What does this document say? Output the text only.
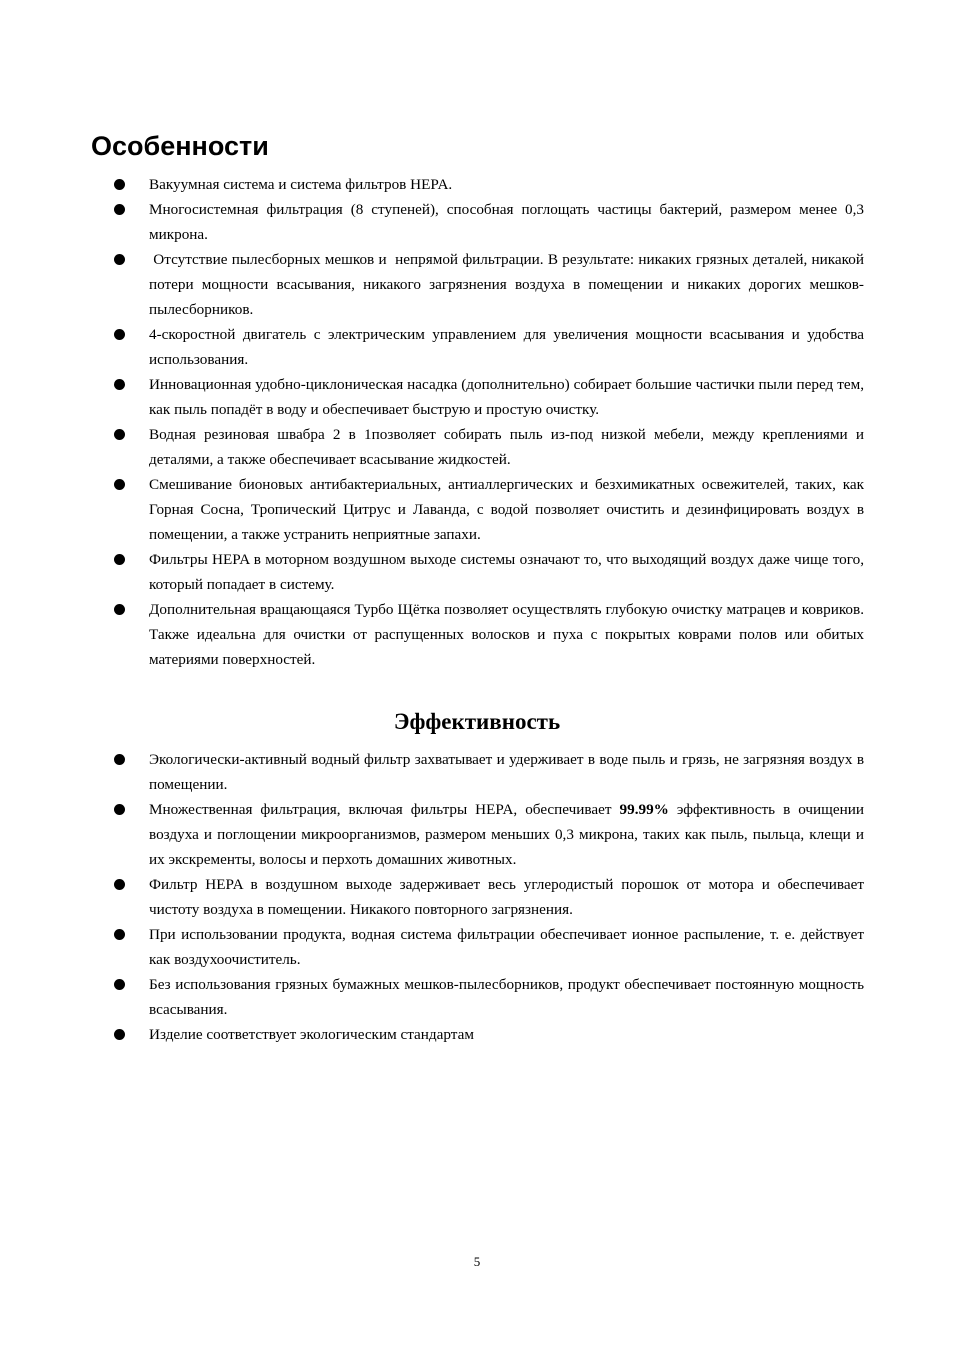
Особенности
Вакуумная система и система фильтров HEPA.
Многосистемная фильтрация (8 ступеней), способная поглощать частицы бактерий, размером менее 0,3 микрона.
Отсутствие пылесборных мешков и  непрямой фильтрации. В результате: никаких грязных деталей, никакой потери мощности всасывания, никакого загрязнения воздуха в помещении и никаких дорогих мешков-пылесборников.
4-скоростной двигатель с электрическим управлением для увеличения мощности всасывания и удобства использования.
Инновационная удобно-циклоническая насадка (дополнительно) собирает большие частички пыли перед тем, как пыль попадёт в воду и обеспечивает быструю и простую очистку.
Водная резиновая швабра 2 в 1позволяет собирать пыль из-под низкой мебели, между креплениями и деталями, а также обеспечивает всасывание жидкостей.
Смешивание бионовых антибактериальных, антиаллергических и безхимикатных освежителей, таких, как Горная Сосна, Тропический Цитрус и Лаванда, с водой позволяет очистить и дезинфицировать воздух в помещении, а также устранить неприятные запахи.
Фильтры HEPA в моторном воздушном выходе системы означают то, что выходящий воздух даже чище того, который попадает в систему.
Дополнительная вращающаяся Турбо Щётка позволяет осуществлять глубокую очистку матрацев и ковриков. Также идеальна для очистки от распущенных волосков и пуха с покрытых коврами полов или обитых материями поверхностей.
Эффективность
Экологически-активный водный фильтр захватывает и удерживает в воде пыль и грязь, не загрязняя воздух в помещении.
Множественная фильтрация, включая фильтры HEPA, обеспечивает 99.99% эффективность в очищении воздуха и поглощении микроорганизмов, размером меньших 0,3 микрона, таких как пыль, пыльца, клещи и их экскременты, волосы и перхоть домашних животных.
Фильтр HEPA в воздушном выходе задерживает весь углеродистый порошок от мотора и обеспечивает чистоту воздуха в помещении. Никакого повторного загрязнения.
При использовании продукта, водная система фильтрации обеспечивает ионное распыление, т. е. действует как воздухоочиститель.
Без использования грязных бумажных мешков-пылесборников, продукт обеспечивает постоянную мощность всасывания.
Изделие соответствует экологическим стандартам
5
